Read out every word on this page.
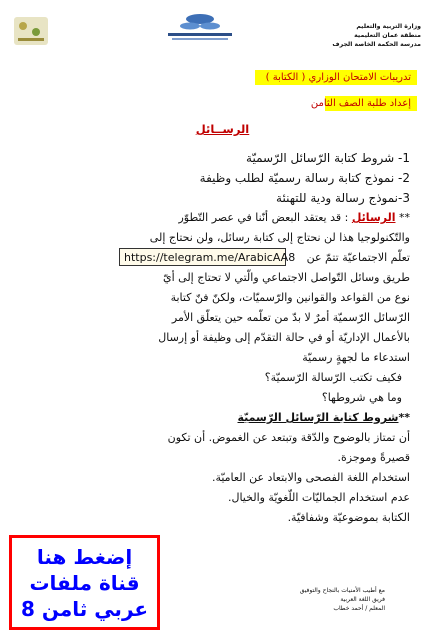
وزارة التربية والتعليم
منطقة عمان التعليمية
مدرسة الحكمة الخاصة الجرف
تدريبات الامتحان الوزاري ( الكتابة )
إعداد طلبة الصف الثامن
الرســائل
1- شروط كتابة الرّسائل الرّسميّة
2- نموذج كتابة رسالة رسميّة لطلب وظيفة
3-نموذج رسالة ودية للتهنئة
** الرسائل : قد يعتقد البعض أنّنا في عصر التّطوّر
والتّكنولوجيا هذا لن نحتاج إلى كتابة رسائل، ولن نحتاج إلى
تعلّم الاجتماعيّة تتمّ عن
طريق وسائل التّواصل الاجتماعي والّتي لا تحتاج إلى أيّ
نوع من القواعد والقوانين والرّسميّات، ولكنّ فنّ كتابة
الرّسائل الرّسميّة أمرٌ لا بدّ من تعلّمه حين يتعلّق الأمر
بالأعمال الإداريّة أو في حالة التقدّم إلى وظيفة أو إرسال
استدعاء ما لجهةٍ رسميّة
فكيف تكتب الرّسالة الرّسميّة؟
وما هي شروطها؟
**شروط كتابة الرّسائل الرّسميّة
أن تمتاز بالوضوح والدّقة وتبتعد عن الغموض. أن تكون
قصيرةً وموجزة.
استخدام اللغة الفصحى والابتعاد عن العاميّة.
عدم استخدام الجماليّات اللّغويّة والخيال.
الكتابة بموضوعيّة وشفافيّة.
https://telegram.me/ArabicAA8
إضغط هنا
قناة ملفات
عربي ثامن 8
مع أطيب الأمنيات بالنجاح والتوفيق
فريق اللغة العربية
المعلم / أحمد خطاب
